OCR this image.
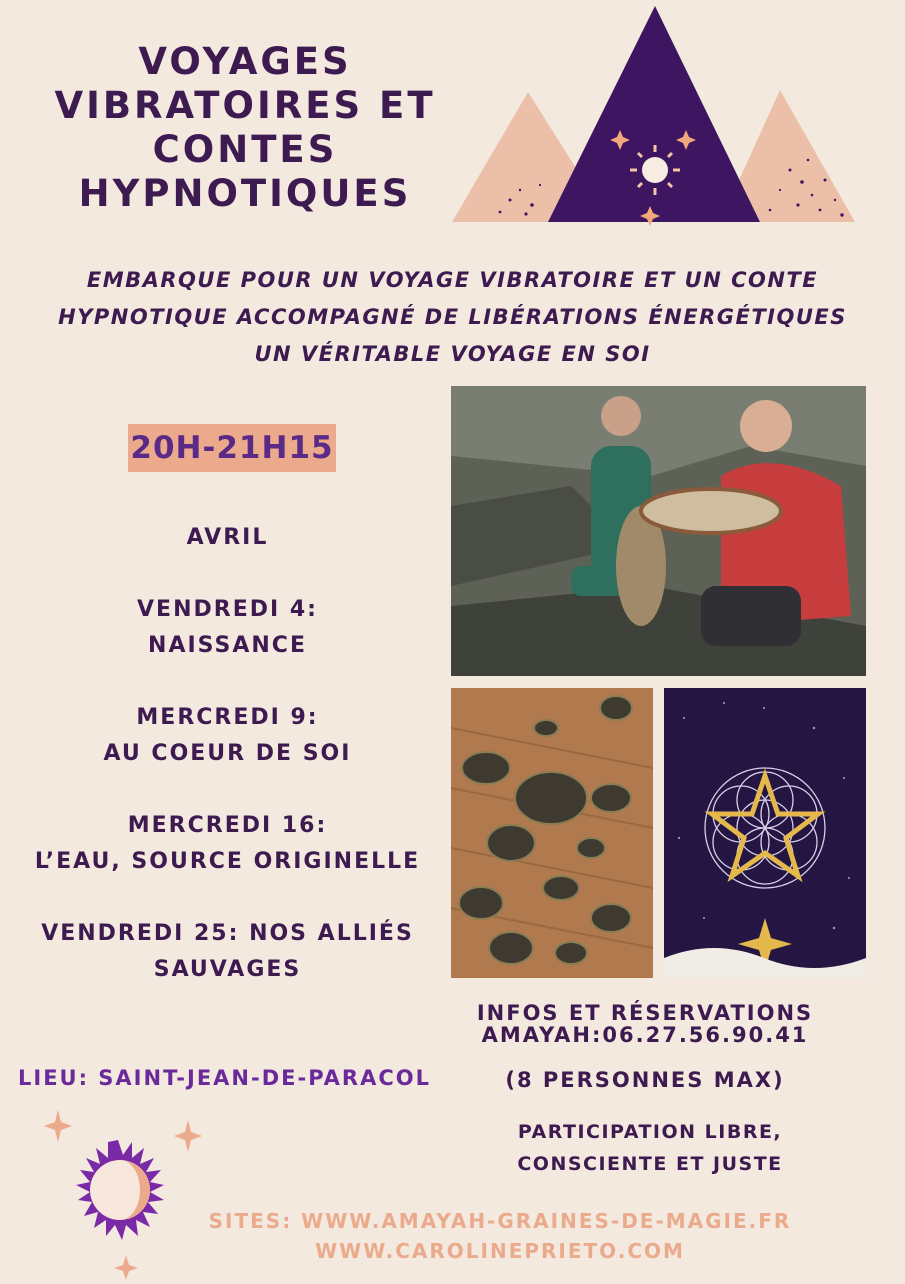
VOYAGES
VIBRATOIRES ET
CONTES
HYPNOTIQUES
EMBARQUE POUR UN VOYAGE VIBRATOIRE ET UN CONTE
HYPNOTIQUE ACCOMPAGNÉ DE LIBÉRATIONS ÉNERGÉTIQUES
UN VÉRITABLE VOYAGE EN SOI
20H-21H15
AVRIL
VENDREDI 4:
NAISSANCE
MERCREDI 9:
AU COEUR DE SOI
MERCREDI 16:
L’EAU, SOURCE ORIGINELLE
VENDREDI 25: NOS ALLIÉS
SAUVAGES
LIEU: SAINT-JEAN-DE-PARACOL
INFOS ET RÉSERVATIONS
AMAYAH:06.27.56.90.41
(8 PERSONNES MAX)
PARTICIPATION LIBRE,
CONSCIENTE ET JUSTE
SITES: WWW.AMAYAH-GRAINES-DE-MAGIE.FR
WWW.CAROLINEPRIETO.COM
